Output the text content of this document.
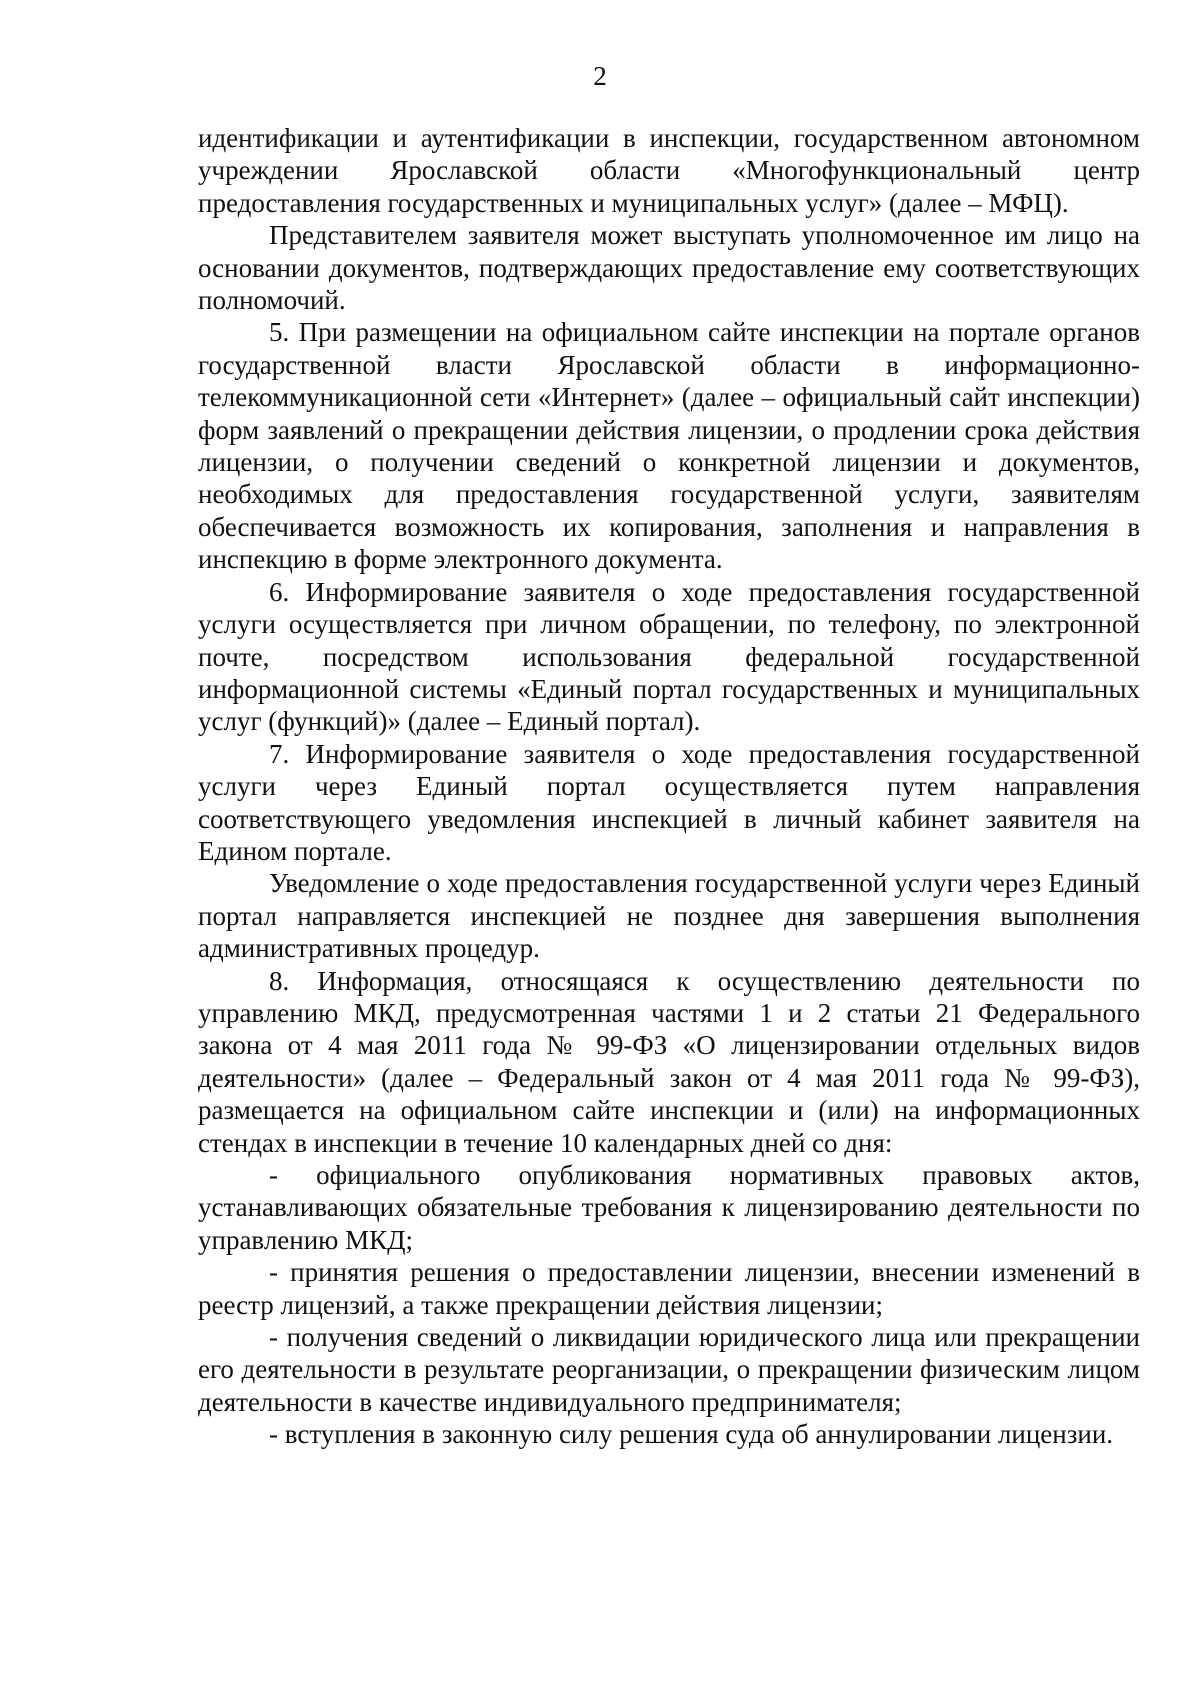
2

идентификации и аутентификации в инспекции, государственном автономном учреждении Ярославской области «Многофункциональный центр предоставления государственных и муниципальных услуг» (далее – МФЦ).

Представителем заявителя может выступать уполномоченное им лицо на основании документов, подтверждающих предоставление ему соответствующих полномочий.

5. При размещении на официальном сайте инспекции на портале органов государственной власти Ярославской области в информационно-телекоммуникационной сети «Интернет» (далее – официальный сайт инспекции) форм заявлений о прекращении действия лицензии, о продлении срока действия лицензии, о получении сведений о конкретной лицензии и документов, необходимых для предоставления государственной услуги, заявителям обеспечивается возможность их копирования, заполнения и направления в инспекцию в форме электронного документа.

6. Информирование заявителя о ходе предоставления государственной услуги осуществляется при личном обращении, по телефону, по электронной почте, посредством использования федеральной государственной информационной системы «Единый портал государственных и муниципальных услуг (функций)» (далее – Единый портал).

7. Информирование заявителя о ходе предоставления государственной услуги через Единый портал осуществляется путем направления соответствующего уведомления инспекцией в личный кабинет заявителя на Едином портале.

Уведомление о ходе предоставления государственной услуги через Единый портал направляется инспекцией не позднее дня завершения выполнения административных процедур.

8. Информация, относящаяся к осуществлению деятельности по управлению МКД, предусмотренная частями 1 и 2 статьи 21 Федерального закона от 4 мая 2011 года № 99-ФЗ «О лицензировании отдельных видов деятельности» (далее – Федеральный закон от 4 мая 2011 года № 99-ФЗ), размещается на официальном сайте инспекции и (или) на информационных стендах в инспекции в течение 10 календарных дней со дня:

- официального опубликования нормативных правовых актов, устанавливающих обязательные требования к лицензированию деятельности по управлению МКД;

- принятия решения о предоставлении лицензии, внесении изменений в реестр лицензий, а также прекращении действия лицензии;

- получения сведений о ликвидации юридического лица или прекращении его деятельности в результате реорганизации, о прекращении физическим лицом деятельности в качестве индивидуального предпринимателя;

- вступления в законную силу решения суда об аннулировании лицензии.
